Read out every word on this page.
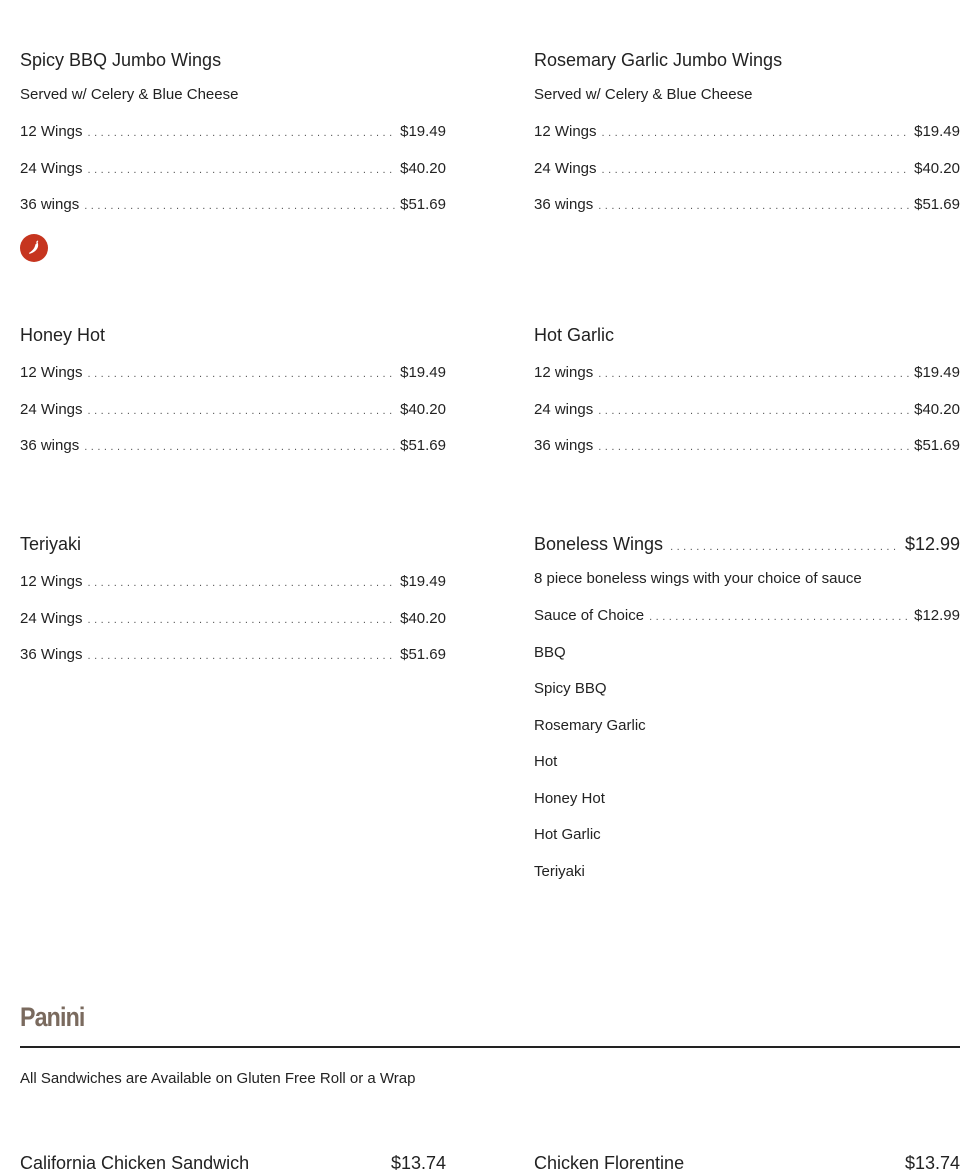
Spicy BBQ Jumbo Wings
Served w/ Celery & Blue Cheese
12 Wings .....	$19.49
24 Wings .....	$40.20
36 wings .....	$51.69
Rosemary Garlic Jumbo Wings
Served w/ Celery & Blue Cheese
12 Wings .....	$19.49
24 Wings .....	$40.20
36 wings .....	$51.69
Honey Hot
12 Wings .....	$19.49
24 Wings .....	$40.20
36 wings .....	$51.69
Hot Garlic
12 wings .....	$19.49
24 wings .....	$40.20
36 wings .....	$51.69
Teriyaki
12 Wings .....	$19.49
24 Wings .....	$40.20
36 Wings .....	$51.69
Boneless Wings .....	$12.99
8 piece boneless wings with your choice of sauce
Sauce of Choice .....	$12.99
BBQ
Spicy BBQ
Rosemary Garlic
Hot
Honey Hot
Hot Garlic
Teriyaki
Panini
All Sandwiches are Available on Gluten Free Roll or a Wrap
California Chicken Sandwich	$13.74	Chicken Florentine	$13.74
